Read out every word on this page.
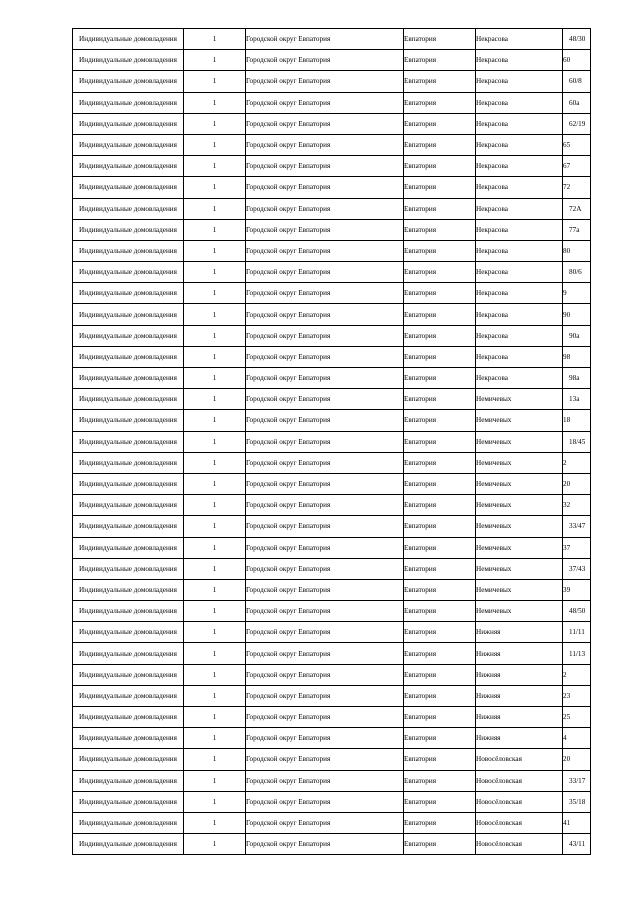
Индивидуальные домовладения	1	Городской округ Евпатория	Евпатория	Некрасова	48/30
Индивидуальные домовладения	1	Городской округ Евпатория	Евпатория	Некрасова	60
Индивидуальные домовладения	1	Городской округ Евпатория	Евпатория	Некрасова	60/8
Индивидуальные домовладения	1	Городской округ Евпатория	Евпатория	Некрасова	60а
Индивидуальные домовладения	1	Городской округ Евпатория	Евпатория	Некрасова	62/19
Индивидуальные домовладения	1	Городской округ Евпатория	Евпатория	Некрасова	65
Индивидуальные домовладения	1	Городской округ Евпатория	Евпатория	Некрасова	67
Индивидуальные домовладения	1	Городской округ Евпатория	Евпатория	Некрасова	72
Индивидуальные домовладения	1	Городской округ Евпатория	Евпатория	Некрасова	72А
Индивидуальные домовладения	1	Городской округ Евпатория	Евпатория	Некрасова	77а
Индивидуальные домовладения	1	Городской округ Евпатория	Евпатория	Некрасова	80
Индивидуальные домовладения	1	Городской округ Евпатория	Евпатория	Некрасова	80/6
Индивидуальные домовладения	1	Городской округ Евпатория	Евпатория	Некрасова	9
Индивидуальные домовладения	1	Городской округ Евпатория	Евпатория	Некрасова	90
Индивидуальные домовладения	1	Городской округ Евпатория	Евпатория	Некрасова	90а
Индивидуальные домовладения	1	Городской округ Евпатория	Евпатория	Некрасова	98
Индивидуальные домовладения	1	Городской округ Евпатория	Евпатория	Некрасова	98а
Индивидуальные домовладения	1	Городской округ Евпатория	Евпатория	Немичевых	13а
Индивидуальные домовладения	1	Городской округ Евпатория	Евпатория	Немичевых	18
Индивидуальные домовладения	1	Городской округ Евпатория	Евпатория	Немичевых	18/45
Индивидуальные домовладения	1	Городской округ Евпатория	Евпатория	Немичевых	2
Индивидуальные домовладения	1	Городской округ Евпатория	Евпатория	Немичевых	20
Индивидуальные домовладения	1	Городской округ Евпатория	Евпатория	Немичевых	32
Индивидуальные домовладения	1	Городской округ Евпатория	Евпатория	Немичевых	33/47
Индивидуальные домовладения	1	Городской округ Евпатория	Евпатория	Немичевых	37
Индивидуальные домовладения	1	Городской округ Евпатория	Евпатория	Немичевых	37/43
Индивидуальные домовладения	1	Городской округ Евпатория	Евпатория	Немичевых	39
Индивидуальные домовладения	1	Городской округ Евпатория	Евпатория	Немичевых	48/50
Индивидуальные домовладения	1	Городской округ Евпатория	Евпатория	Нижняя	11/11
Индивидуальные домовладения	1	Городской округ Евпатория	Евпатория	Нижняя	11/13
Индивидуальные домовладения	1	Городской округ Евпатория	Евпатория	Нижняя	2
Индивидуальные домовладения	1	Городской округ Евпатория	Евпатория	Нижняя	23
Индивидуальные домовладения	1	Городской округ Евпатория	Евпатория	Нижняя	25
Индивидуальные домовладения	1	Городской округ Евпатория	Евпатория	Нижняя	4
Индивидуальные домовладения	1	Городской округ Евпатория	Евпатория	Новосёловская	20
Индивидуальные домовладения	1	Городской округ Евпатория	Евпатория	Новосёловская	33/17
Индивидуальные домовладения	1	Городской округ Евпатория	Евпатория	Новосёловская	35/18
Индивидуальные домовладения	1	Городской округ Евпатория	Евпатория	Новосёловская	41
Индивидуальные домовладения	1	Городской округ Евпатория	Евпатория	Новосёловская	43/11
